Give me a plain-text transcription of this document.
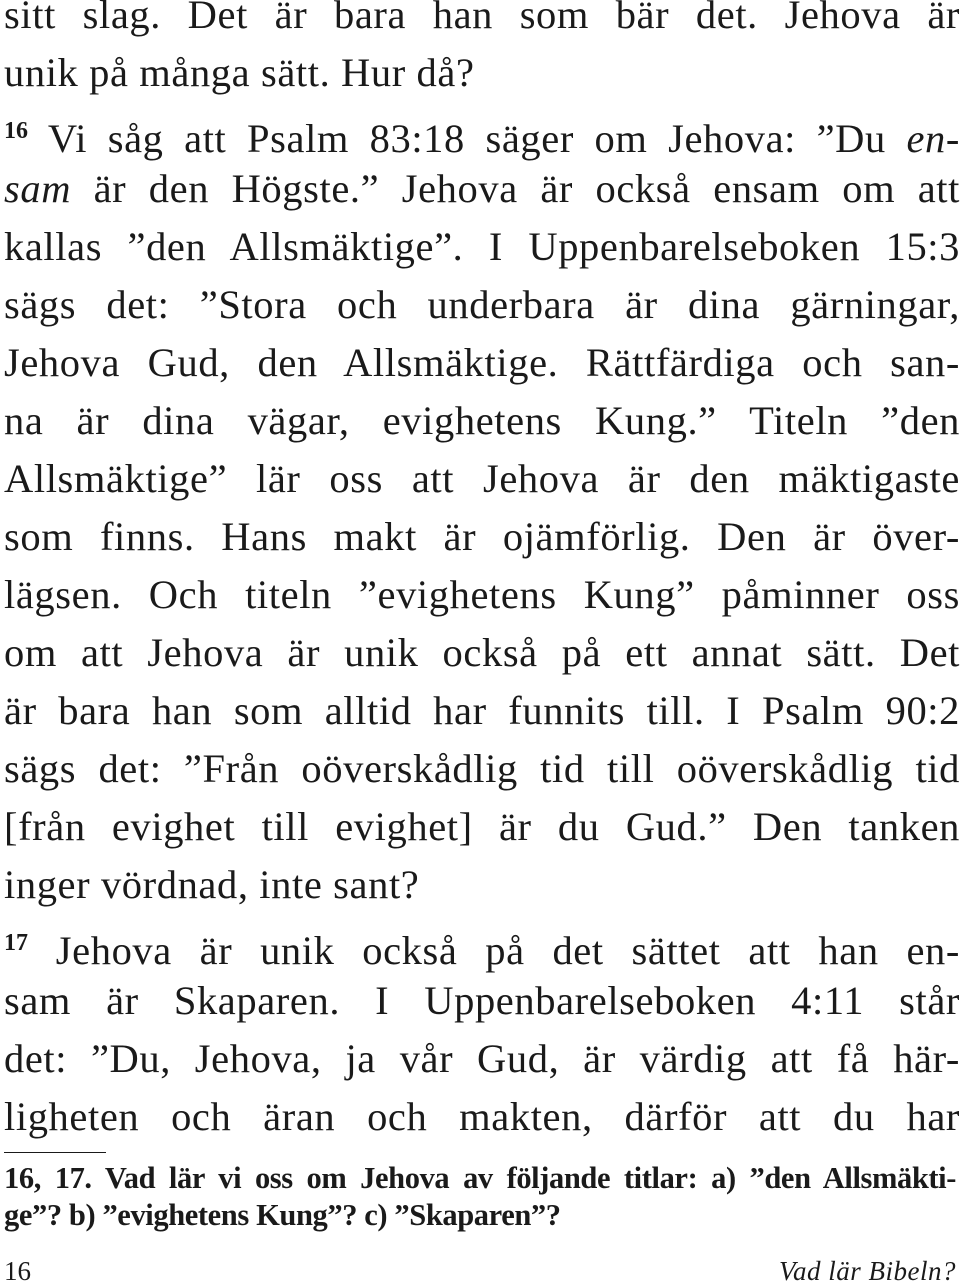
sitt slag. Det är bara han som bär det. Jehova är
unik på många sätt. Hur då?
$^{16}$ Vi såg att Psalm 83:18 säger om Jehova: ”Du en-
sam är den Högste.” Jehova är också ensam om att
kallas ”den Allsmäktige”. I Uppenbarelseboken 15:3
sägs det: ”Stora och underbara är dina gärningar,
Jehova Gud, den Allsmäktige. Rättfärdiga och san-
na är dina vägar, evighetens Kung.” Titeln ”den
Allsmäktige” lär oss att Jehova är den mäktigaste
som finns. Hans makt är ojämförlig. Den är över-
lägsen. Och titeln ”evighetens Kung” påminner oss
om att Jehova är unik också på ett annat sätt. Det
är bara han som alltid har funnits till. I Psalm 90:2
sägs det: ”Från oöverskådlig tid till oöverskådlig tid
[från evighet till evighet] är du Gud.” Den tanken
inger vördnad, inte sant?
$^{17}$ Jehova är unik också på det sättet att han en-
sam är Skaparen. I Uppenbarelseboken 4:11 står
det: ”Du, Jehova, ja vår Gud, är värdig att få här-
ligheten och äran och makten, därför att du har
16, 17. Vad lär vi oss om Jehova av följande titlar: a) ”den Allsmäkti-
ge”? b) ”evighetens Kung”? c) ”Skaparen”?
16	Vad lär Bibeln?
